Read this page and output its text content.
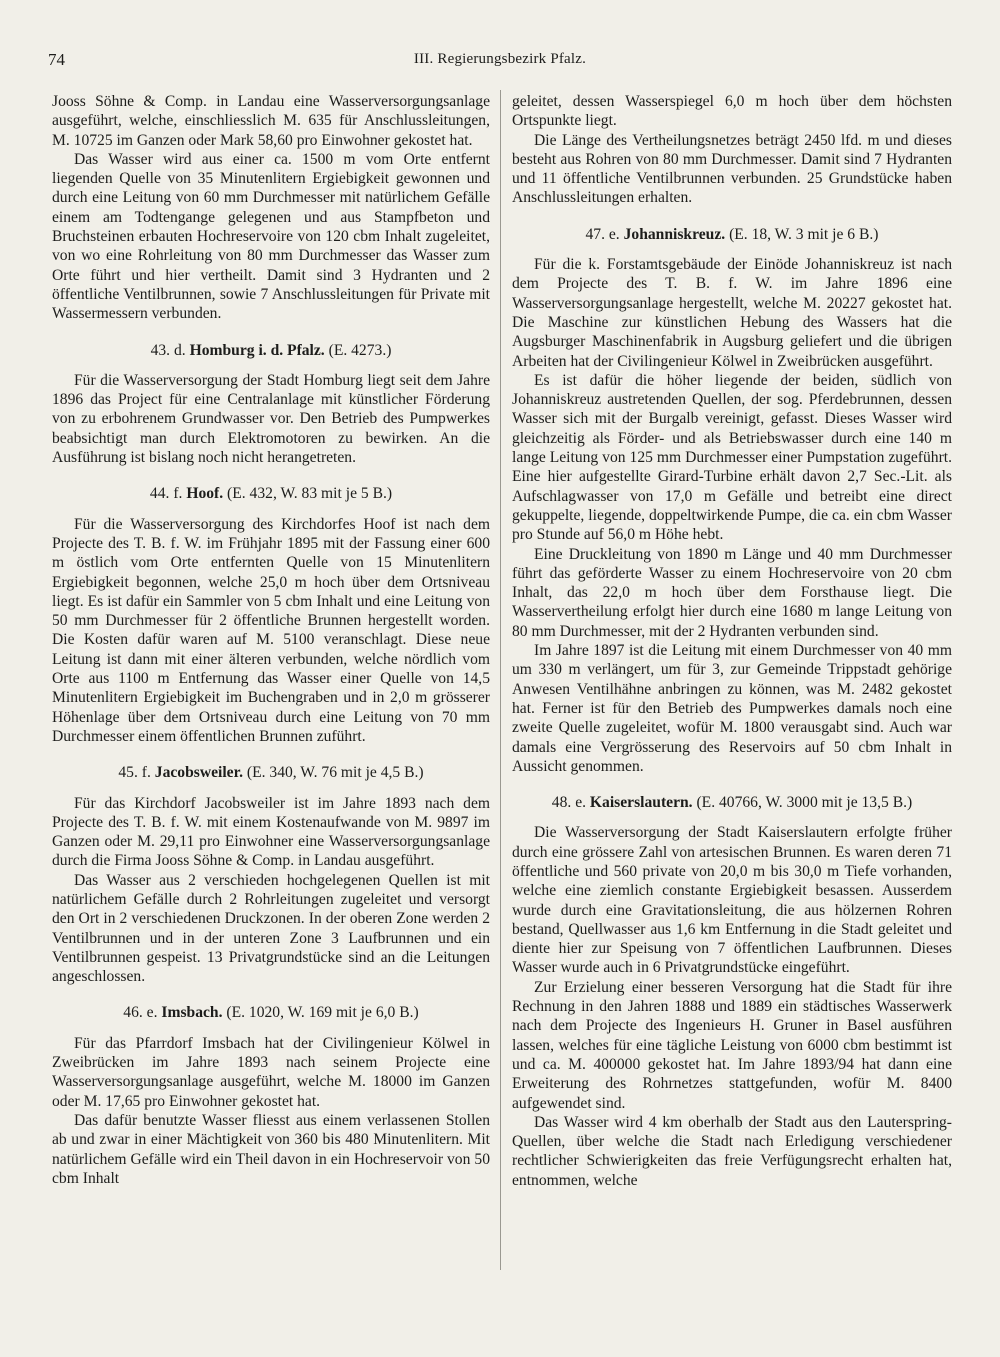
74	III. Regierungsbezirk Pfalz.

Jooss Söhne & Comp. in Landau eine Wasserversorgungsanlage ausgeführt, welche, einschliesslich M. 635 für Anschlussleitungen, M. 10725 im Ganzen oder Mark 58,60 pro Einwohner gekostet hat.

Das Wasser wird aus einer ca. 1500 m vom Orte entfernt liegenden Quelle von 35 Minutenlitern Ergiebigkeit gewonnen und durch eine Leitung von 60 mm Durchmesser mit natürlichem Gefälle einem am Todtengange gelegenen und aus Stampfbeton und Bruchsteinen erbauten Hochreservoire von 120 cbm Inhalt zugeleitet, von wo eine Rohrleitung von 80 mm Durchmesser das Wasser zum Orte führt und hier vertheilt. Damit sind 3 Hydranten und 2 öffentliche Ventilbrunnen, sowie 7 Anschlussleitungen für Private mit Wassermessern verbunden.

43. d. Homburg i. d. Pfalz. (E. 4273.)

Für die Wasserversorgung der Stadt Homburg liegt seit dem Jahre 1896 das Project für eine Centralanlage mit künstlicher Förderung von zu erbohrenem Grundwasser vor. Den Betrieb des Pumpwerkes beabsichtigt man durch Elektromotoren zu bewirken. An die Ausführung ist bislang noch nicht herangetreten.

44. f. Hoof. (E. 432, W. 83 mit je 5 B.)

Für die Wasserversorgung des Kirchdorfes Hoof ist nach dem Projecte des T. B. f. W. im Frühjahr 1895 mit der Fassung einer 600 m östlich vom Orte entfernten Quelle von 15 Minutenlitern Ergiebigkeit begonnen, welche 25,0 m hoch über dem Ortsniveau liegt. Es ist dafür ein Sammler von 5 cbm Inhalt und eine Leitung von 50 mm Durchmesser für 2 öffentliche Brunnen hergestellt worden. Die Kosten dafür waren auf M. 5100 veranschlagt. Diese neue Leitung ist dann mit einer älteren verbunden, welche nördlich vom Orte aus 1100 m Entfernung das Wasser einer Quelle von 14,5 Minutenlitern Ergiebigkeit im Buchengraben und in 2,0 m grösserer Höhenlage über dem Ortsniveau durch eine Leitung von 70 mm Durchmesser einem öffentlichen Brunnen zuführt.

45. f. Jacobsweiler. (E. 340, W. 76 mit je 4,5 B.)

Für das Kirchdorf Jacobsweiler ist im Jahre 1893 nach dem Projecte des T. B. f. W. mit einem Kostenaufwande von M. 9897 im Ganzen oder M. 29,11 pro Einwohner eine Wasserversorgungsanlage durch die Firma Jooss Söhne & Comp. in Landau ausgeführt.

Das Wasser aus 2 verschieden hochgelegenen Quellen ist mit natürlichem Gefälle durch 2 Rohrleitungen zugeleitet und versorgt den Ort in 2 verschiedenen Druckzonen. In der oberen Zone werden 2 Ventilbrunnen und in der unteren Zone 3 Laufbrunnen und ein Ventilbrunnen gespeist. 13 Privatgrundstücke sind an die Leitungen angeschlossen.

46. e. Imsbach. (E. 1020, W. 169 mit je 6,0 B.)

Für das Pfarrdorf Imsbach hat der Civilingenieur Kölwel in Zweibrücken im Jahre 1893 nach seinem Projecte eine Wasserversorgungsanlage ausgeführt, welche M. 18000 im Ganzen oder M. 17,65 pro Einwohner gekostet hat.

Das dafür benutzte Wasser fliesst aus einem verlassenen Stollen ab und zwar in einer Mächtigkeit von 360 bis 480 Minutenlitern. Mit natürlichem Gefälle wird ein Theil davon in ein Hochreservoir von 50 cbm Inhalt

geleitet, dessen Wasserspiegel 6,0 m hoch über dem höchsten Ortspunkte liegt.

Die Länge des Vertheilungsnetzes beträgt 2450 lfd. m und dieses besteht aus Rohren von 80 mm Durchmesser. Damit sind 7 Hydranten und 11 öffentliche Ventilbrunnen verbunden. 25 Grundstücke haben Anschlussleitungen erhalten.

47. e. Johanniskreuz. (E. 18, W. 3 mit je 6 B.)

Für die k. Forstamtsgebäude der Einöde Johanniskreuz ist nach dem Projecte des T. B. f. W. im Jahre 1896 eine Wasserversorgungsanlage hergestellt, welche M. 20227 gekostet hat. Die Maschine zur künstlichen Hebung des Wassers hat die Augsburger Maschinenfabrik in Augsburg geliefert und die übrigen Arbeiten hat der Civilingenieur Kölwel in Zweibrücken ausgeführt.

Es ist dafür die höher liegende der beiden, südlich von Johanniskreuz austretenden Quellen, der sog. Pferdebrunnen, dessen Wasser sich mit der Burgalb vereinigt, gefasst. Dieses Wasser wird gleichzeitig als Förder- und als Betriebswasser durch eine 140 m lange Leitung von 125 mm Durchmesser einer Pumpstation zugeführt. Eine hier aufgestellte Girard-Turbine erhält davon 2,7 Sec.-Lit. als Aufschlagwasser von 17,0 m Gefälle und betreibt eine direct gekuppelte, liegende, doppeltwirkende Pumpe, die ca. ein cbm Wasser pro Stunde auf 56,0 m Höhe hebt.

Eine Druckleitung von 1890 m Länge und 40 mm Durchmesser führt das geförderte Wasser zu einem Hochreservoire von 20 cbm Inhalt, das 22,0 m hoch über dem Forsthause liegt. Die Wasservertheilung erfolgt hier durch eine 1680 m lange Leitung von 80 mm Durchmesser, mit der 2 Hydranten verbunden sind.

Im Jahre 1897 ist die Leitung mit einem Durchmesser von 40 mm um 330 m verlängert, um für 3, zur Gemeinde Trippstadt gehörige Anwesen Ventilhähne anbringen zu können, was M. 2482 gekostet hat. Ferner ist für den Betrieb des Pumpwerkes damals noch eine zweite Quelle zugeleitet, wofür M. 1800 verausgabt sind. Auch war damals eine Vergrösserung des Reservoirs auf 50 cbm Inhalt in Aussicht genommen.

48. e. Kaiserslautern. (E. 40766, W. 3000 mit je 13,5 B.)

Die Wasserversorgung der Stadt Kaiserslautern erfolgte früher durch eine grössere Zahl von artesischen Brunnen. Es waren deren 71 öffentliche und 560 private von 20,0 m bis 30,0 m Tiefe vorhanden, welche eine ziemlich constante Ergiebigkeit besassen. Ausserdem wurde durch eine Gravitationsleitung, die aus hölzernen Rohren bestand, Quellwasser aus 1,6 km Entfernung in die Stadt geleitet und diente hier zur Speisung von 7 öffentlichen Laufbrunnen. Dieses Wasser wurde auch in 6 Privatgrundstücke eingeführt.

Zur Erzielung einer besseren Versorgung hat die Stadt für ihre Rechnung in den Jahren 1888 und 1889 ein städtisches Wasserwerk nach dem Projecte des Ingenieurs H. Gruner in Basel ausführen lassen, welches für eine tägliche Leistung von 6000 cbm bestimmt ist und ca. M. 400000 gekostet hat. Im Jahre 1893/94 hat dann eine Erweiterung des Rohrnetzes stattgefunden, wofür M. 8400 aufgewendet sind.

Das Wasser wird 4 km oberhalb der Stadt aus den Lauterspring-Quellen, über welche die Stadt nach Erledigung verschiedener rechtlicher Schwierigkeiten das freie Verfügungsrecht erhalten hat, entnommen, welche
